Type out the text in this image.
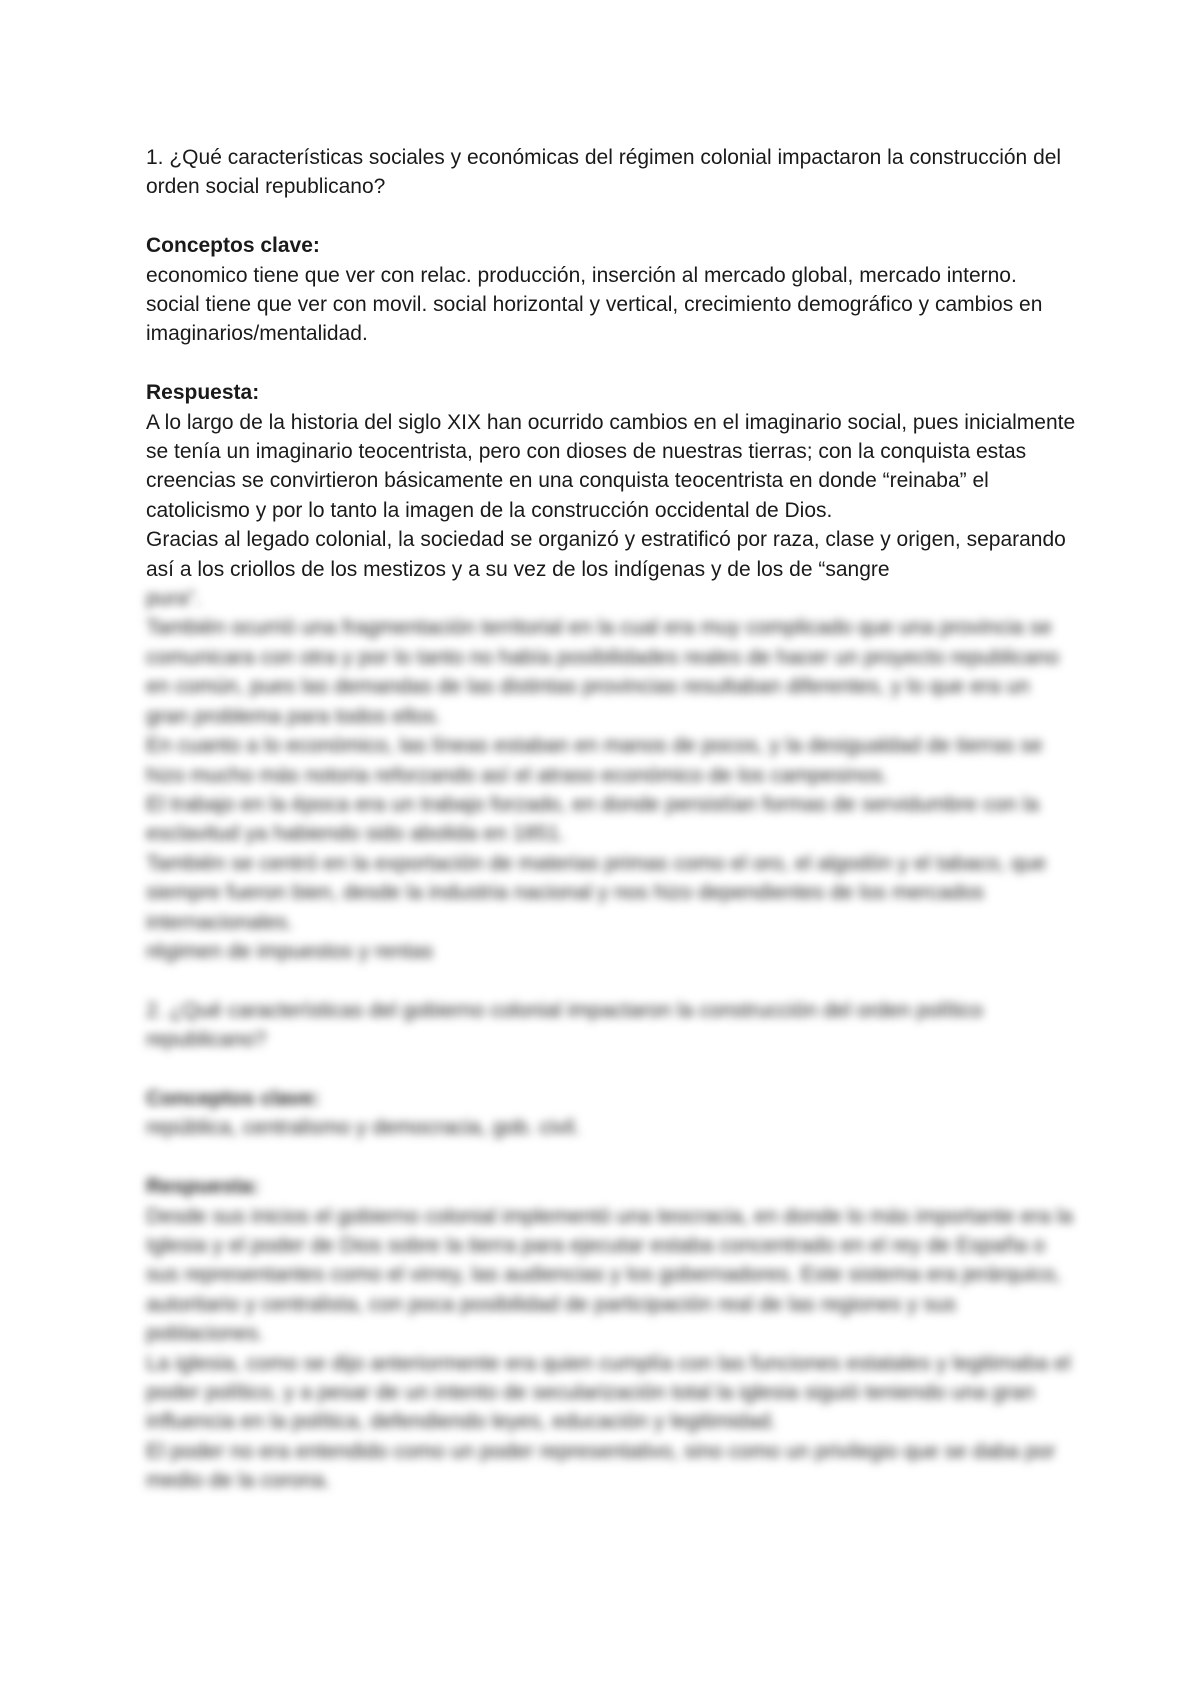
1. ¿Qué características sociales y económicas del régimen colonial impactaron la construcción del orden social republicano?

Conceptos clave:

economico tiene que ver con relac. producción, inserción al mercado global, mercado interno.

social tiene que ver con movil. social horizontal y vertical, crecimiento demográfico y cambios en imaginarios/mentalidad.

Respuesta:

A lo largo de la historia del siglo XIX han ocurrido cambios en el imaginario social, pues inicialmente se tenía un imaginario teocentrista, pero con dioses de nuestras tierras; con la conquista estas creencias se convirtieron básicamente en una conquista teocentrista en donde “reinaba” el catolicismo y por lo tanto la imagen de la construcción occidental de Dios.

Gracias al legado colonial, la sociedad se organizó y estratificó por raza, clase y origen, separando así a los criollos de los mestizos y a su vez de los indígenas y de los de “sangre

pura”.

También ocurrió una fragmentación territorial en la cual era muy complicado que una provincia se comunicara con otra y por lo tanto no había posibilidades reales de hacer un proyecto republicano en común, pues las demandas de las distintas provincias resultaban diferentes, y lo que era un gran problema para todos ellos.

En cuanto a lo económico, las líneas estaban en manos de pocos, y la desigualdad de tierras se hizo mucho más notoria reforzando así el atraso económico de los campesinos.

El trabajo en la época era un trabajo forzado, en donde persistían formas de servidumbre con la esclavitud ya habiendo sido abolida en 1851.

También se centró en la exportación de materias primas como el oro, el algodón y el tabaco, que siempre fueron bien, desde la industria nacional y nos hizo dependientes de los mercados internacionales.

régimen de impuestos y rentas

2. ¿Qué características del gobierno colonial impactaron la construcción del orden político republicano?

Conceptos clave:

república, centralismo y democracia, gob. civil.

Respuesta:

Desde sus inicios el gobierno colonial implementó una teocracia, en donde lo más importante era la Iglesia y el poder de Dios sobre la tierra para ejecutar estaba concentrado en el rey de España o sus representantes como el virrey, las audiencias y los gobernadores. Este sistema era jerárquico, autoritario y centralista, con poca posibilidad de participación real de las regiones y sus poblaciones.

La iglesia, como se dijo anteriormente era quien cumplía con las funciones estatales y legitimaba el poder político, y a pesar de un intento de secularización total la iglesia siguió teniendo una gran influencia en la política, defendiendo leyes, educación y legitimidad.

El poder no era entendido como un poder representativo, sino como un privilegio que se daba por medio de la corona.
